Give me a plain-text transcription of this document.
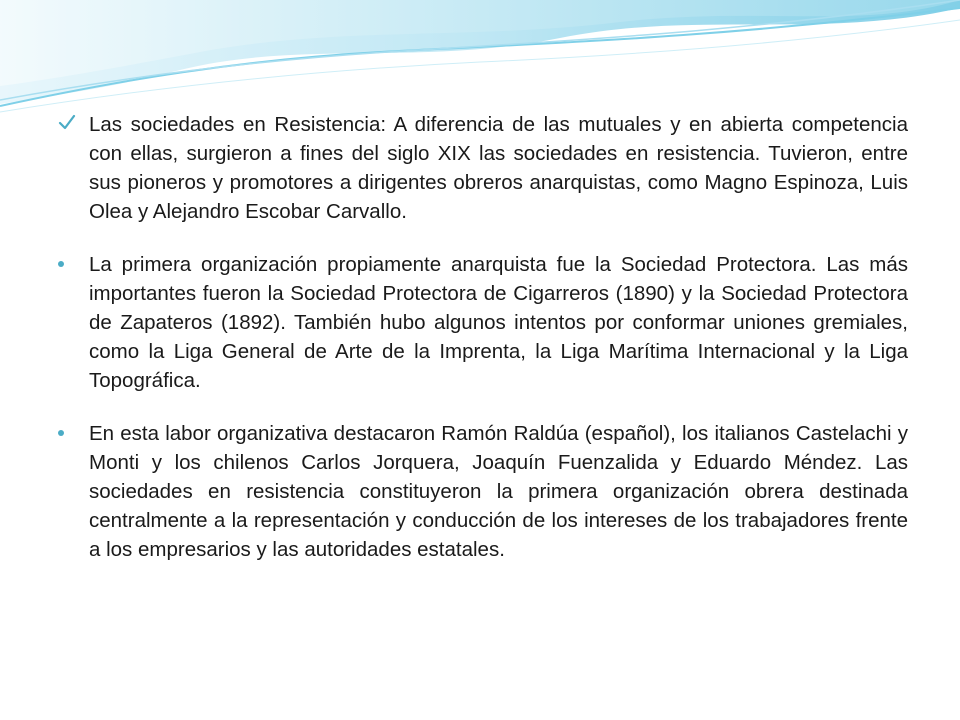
Las sociedades en Resistencia: A diferencia de las mutuales y en abierta competencia con ellas, surgieron a fines del siglo XIX las sociedades en resistencia. Tuvieron, entre sus pioneros y promotores a dirigentes obreros anarquistas, como Magno Espinoza, Luis Olea y Alejandro Escobar Carvallo.
La primera organización propiamente anarquista fue la Sociedad Protectora. Las más importantes fueron la Sociedad Protectora de Cigarreros (1890) y la Sociedad Protectora de Zapateros (1892). También hubo algunos intentos por conformar uniones gremiales, como la Liga General de Arte de la Imprenta, la Liga Marítima Internacional y la Liga Topográfica.
En esta labor organizativa destacaron Ramón Raldúa (español), los italianos Castelachi y Monti y los chilenos Carlos Jorquera, Joaquín Fuenzalida y Eduardo Méndez. Las sociedades en resistencia constituyeron la primera organización obrera destinada centralmente a la representación y conducción de los intereses de los trabajadores frente a los empresarios y las autoridades estatales.
